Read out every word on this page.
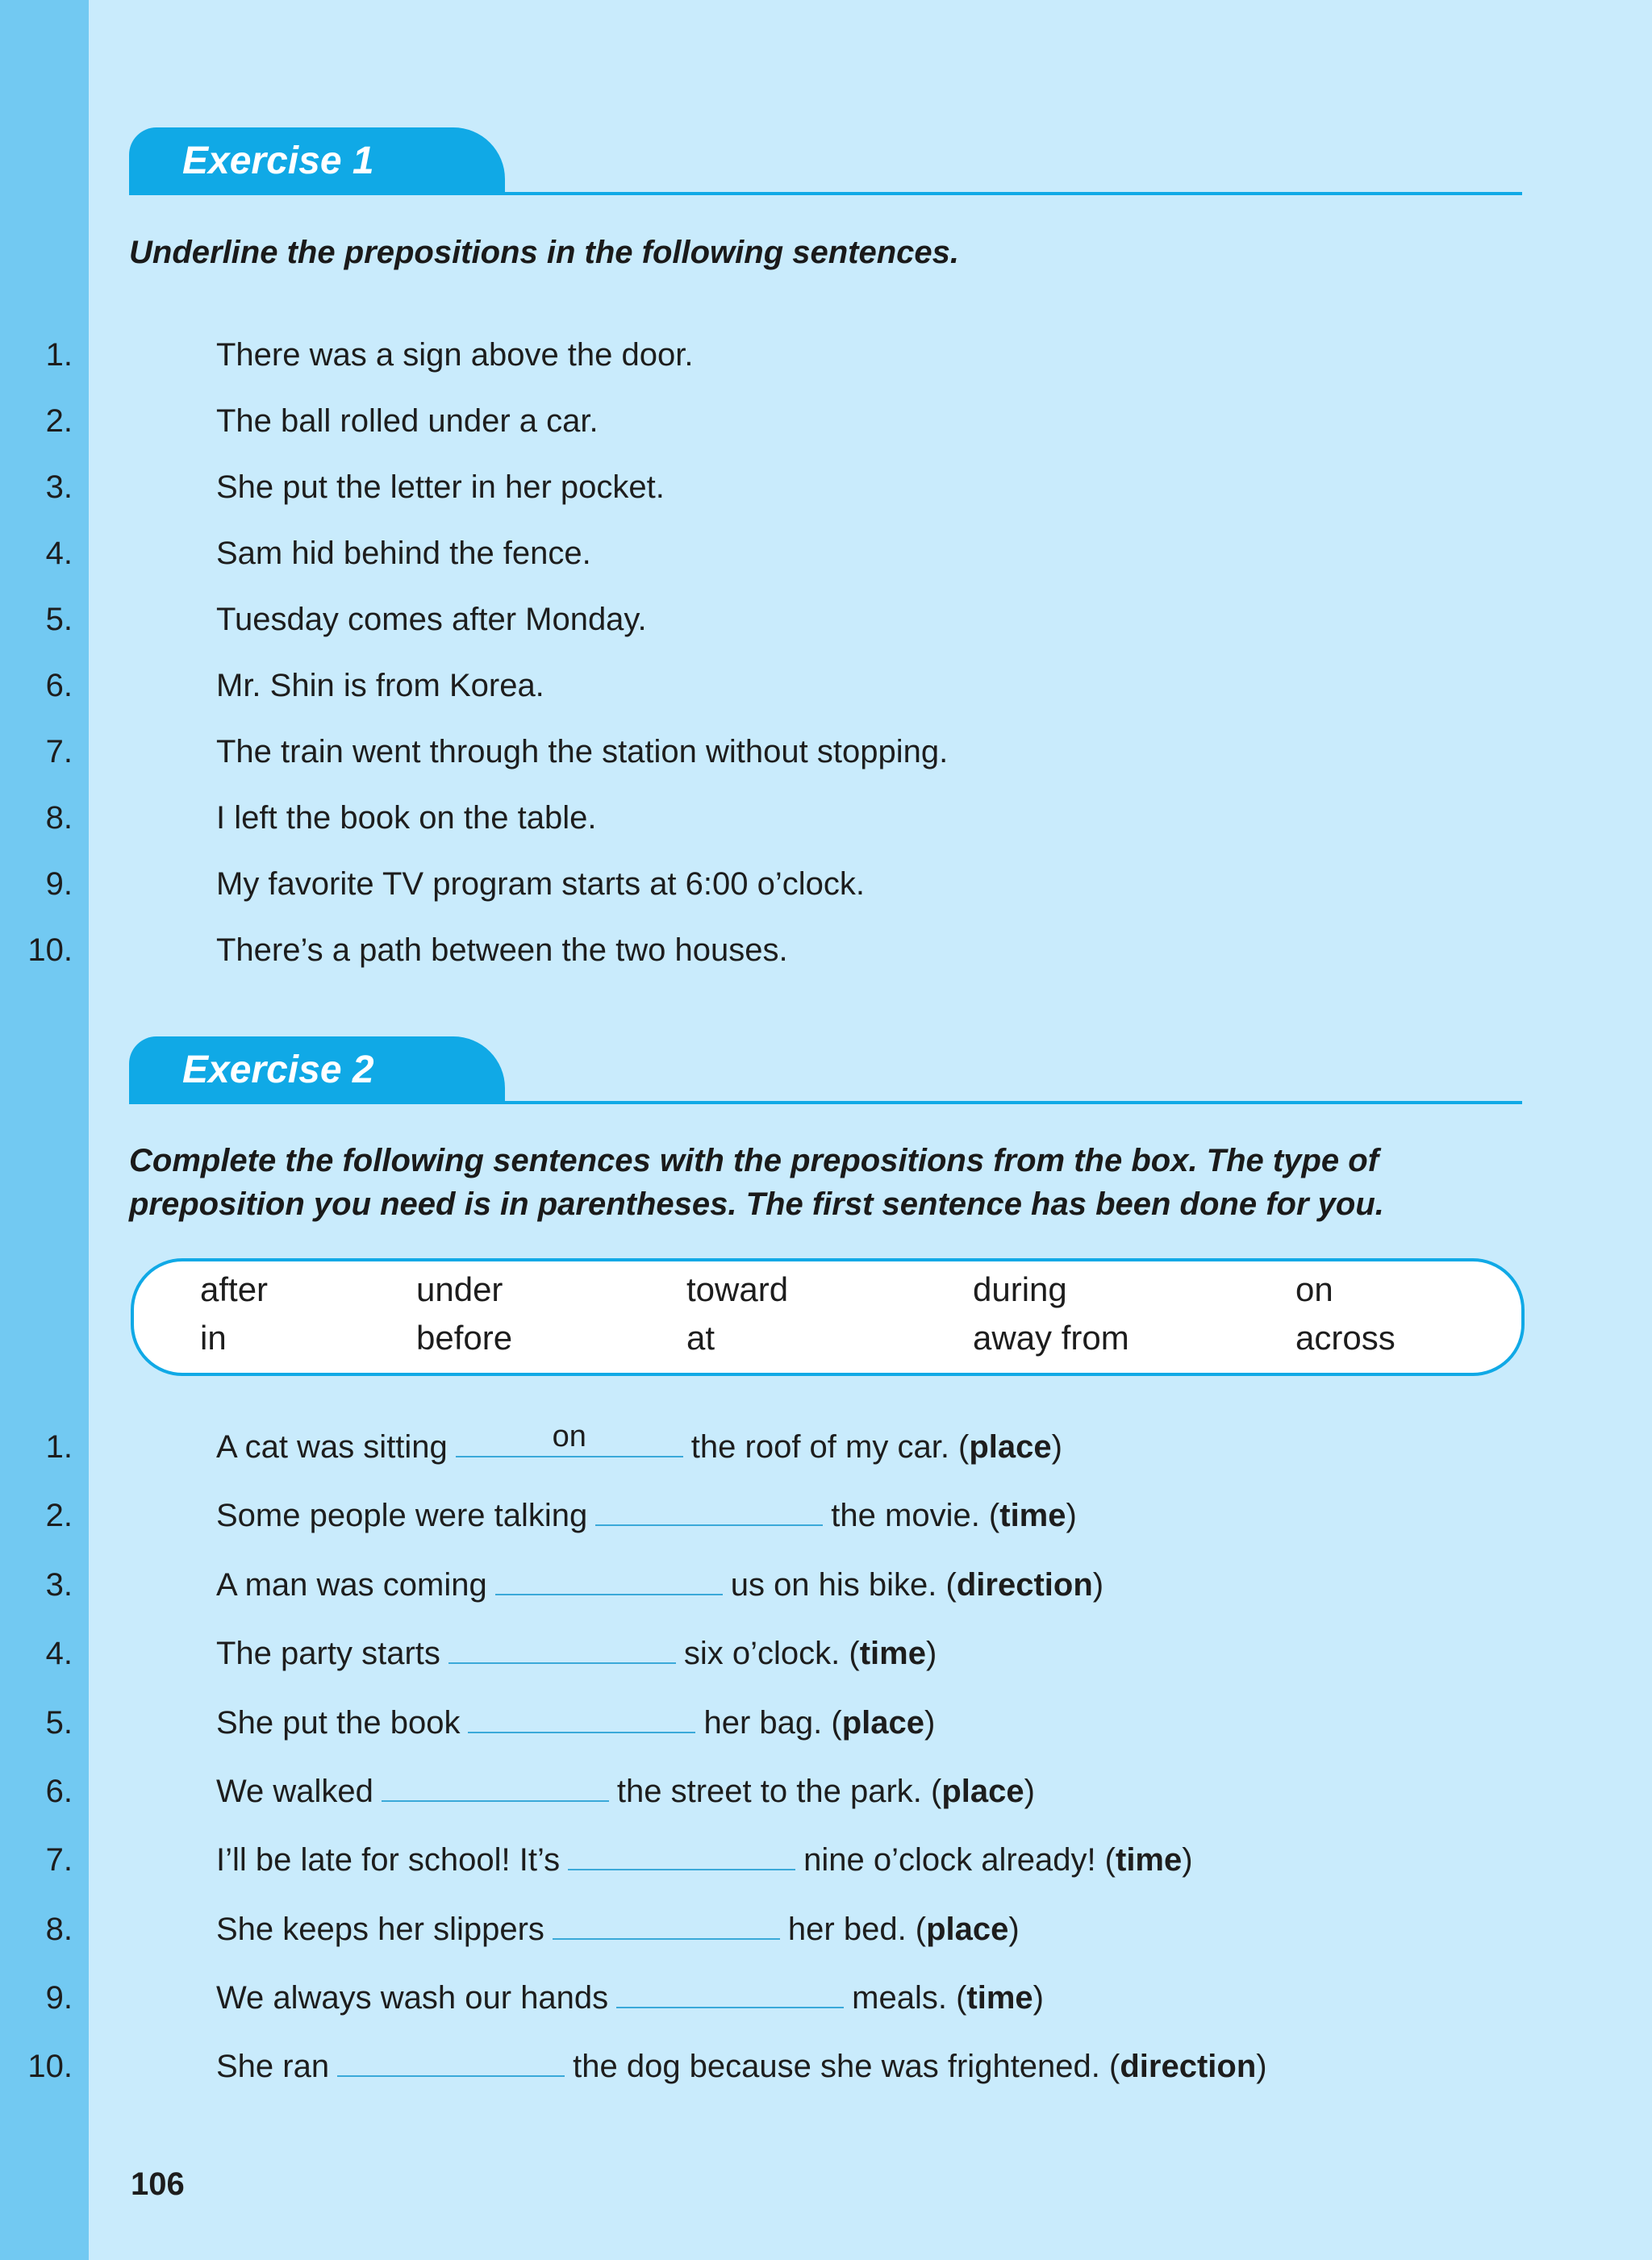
Exercise 1
Underline the prepositions in the following sentences.
1.	There was a sign above the door.
2.	The ball rolled under a car.
3.	She put the letter in her pocket.
4.	Sam hid behind the fence.
5.	Tuesday comes after Monday.
6.	Mr. Shin is from Korea.
7.	The train went through the station without stopping.
8.	I left the book on the table.
9.	My favorite TV program starts at 6:00 o’clock.
10.	There’s a path between the two houses.
Exercise 2
Complete the following sentences with the prepositions from the box. The type of preposition you need is in parentheses. The first sentence has been done for you.
after	under	toward	during	on
in	before	at	away from	across
1.	A cat was sitting	on	the roof of my car. (place)
2.	Some people were talking	the movie. (time)
3.	A man was coming	us on his bike. (direction)
4.	The party starts	six o’clock. (time)
5.	She put the book	her bag. (place)
6.	We walked	the street to the park. (place)
7.	I’ll be late for school! It’s	nine o’clock already! (time)
8.	She keeps her slippers	her bed. (place)
9.	We always wash our hands	meals. (time)
10.	She ran	the dog because she was frightened. (direction)
106
